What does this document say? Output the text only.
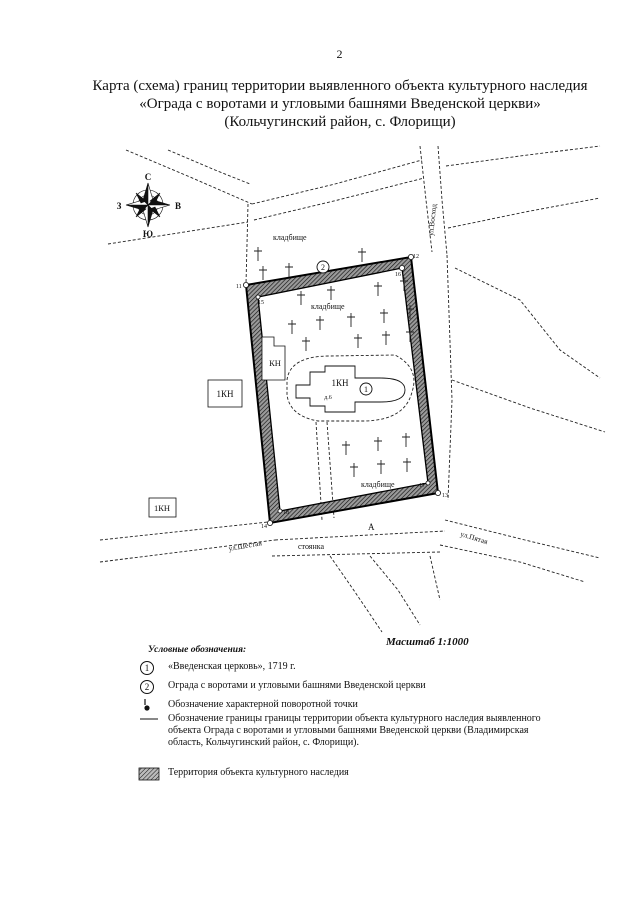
2
Карта (схема) границ территории выявленного объекта культурного наследия
«Ограда с воротами и угловыми башнями Введенской церкви»
(Кольчугинский район, с. Флорищи)
С
З	В
Ю
1КН
1КН
КН
1КН
д.6
1
2
11
12
13
14
15
16
17
18
кладбище
кладбище
кладбище
стоянка
А
ул.Восход
ул.Шестая	ул.Пятая
Масштаб 1:1000
Условные обозначения:
1	«Введенская церковь», 1719 г.
2	Ограда с воротами и угловыми башнями Введенской церкви
Обозначение характерной поворотной точки
Обозначение границы границы территории объекта культурного наследия выявленного объекта Ограда с воротами и угловыми башнями Введенской церкви (Владимирская область, Кольчугинский район, с. Флорищи).
Территория объекта культурного наследия
